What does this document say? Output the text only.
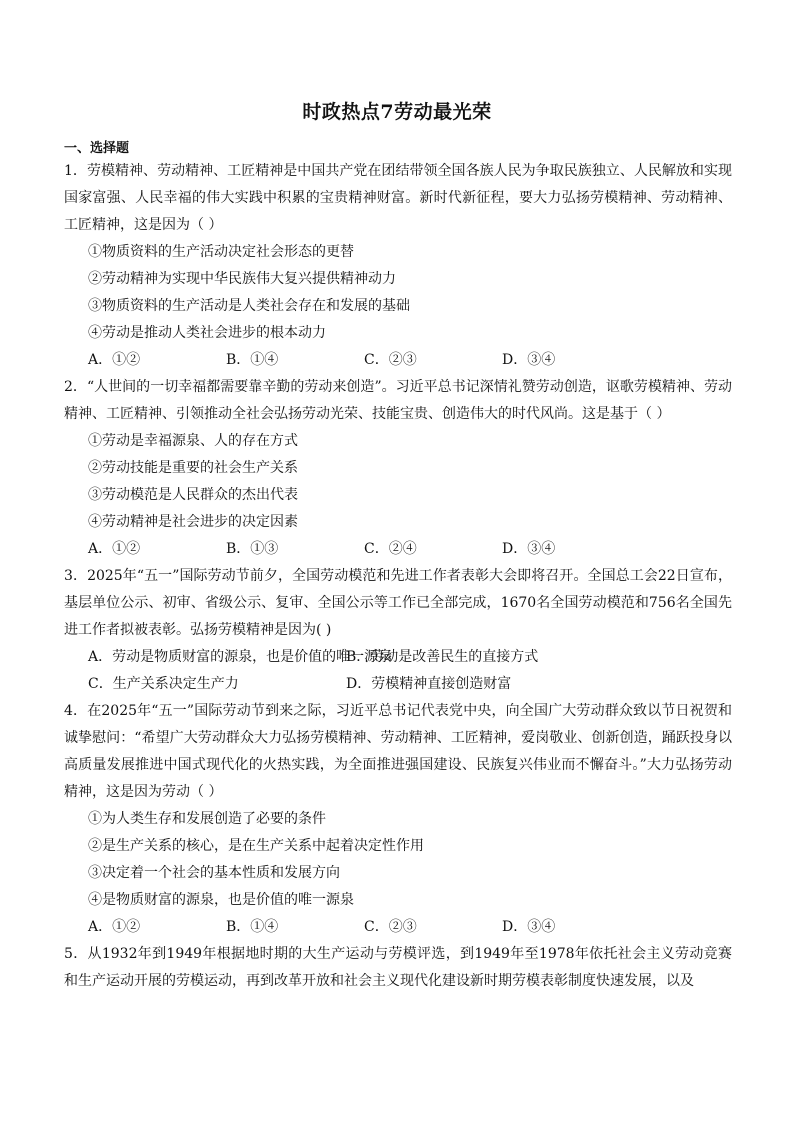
时政热点7劳动最光荣
一、选择题
1．劳模精神、劳动精神、工匠精神是中国共产党在团结带领全国各族人民为争取民族独立、人民解放和实现国家富强、人民幸福的伟大实践中积累的宝贵精神财富。新时代新征程，要大力弘扬劳模精神、劳动精神、工匠精神，这是因为（ ）
①物质资料的生产活动决定社会形态的更替
②劳动精神为实现中华民族伟大复兴提供精神动力
③物质资料的生产活动是人类社会存在和发展的基础
④劳动是推动人类社会进步的根本动力
A．①②	B．①④	C．②③	D．③④
2．“人世间的一切幸福都需要靠辛勤的劳动来创造”。习近平总书记深情礼赞劳动创造，讴歌劳模精神、劳动精神、工匠精神、引领推动全社会弘扬劳动光荣、技能宝贵、创造伟大的时代风尚。这是基于（ ）
①劳动是幸福源泉、人的存在方式
②劳动技能是重要的社会生产关系
③劳动模范是人民群众的杰出代表
④劳动精神是社会进步的决定因素
A．①②	B．①③	C．②④	D．③④
3．2025年“五一”国际劳动节前夕，全国劳动模范和先进工作者表彰大会即将召开。全国总工会22日宣布，基层单位公示、初审、省级公示、复审、全国公示等工作已全部完成，1670名全国劳动模范和756名全国先进工作者拟被表彰。弘扬劳模精神是因为( )
A．劳动是物质财富的源泉，也是价值的唯一源泉
B．劳动是改善民生的直接方式
C．生产关系决定生产力	D．劳模精神直接创造财富
4．在2025年“五一”国际劳动节到来之际，习近平总书记代表党中央，向全国广大劳动群众致以节日祝贺和诚挚慰问：“希望广大劳动群众大力弘扬劳模精神、劳动精神、工匠精神，爱岗敬业、创新创造，踊跃投身以高质量发展推进中国式现代化的火热实践，为全面推进强国建设、民族复兴伟业而不懈奋斗。”大力弘扬劳动精神，这是因为劳动（ ）
①为人类生存和发展创造了必要的条件
②是生产关系的核心，是在生产关系中起着决定性作用
③决定着一个社会的基本性质和发展方向
④是物质财富的源泉，也是价值的唯一源泉
A．①②	B．①④	C．②③	D．③④
5．从1932年到1949年根据地时期的大生产运动与劳模评选，到1949年至1978年依托社会主义劳动竞赛和生产运动开展的劳模运动，再到改革开放和社会主义现代化建设新时期劳模表彰制度快速发展，以及
